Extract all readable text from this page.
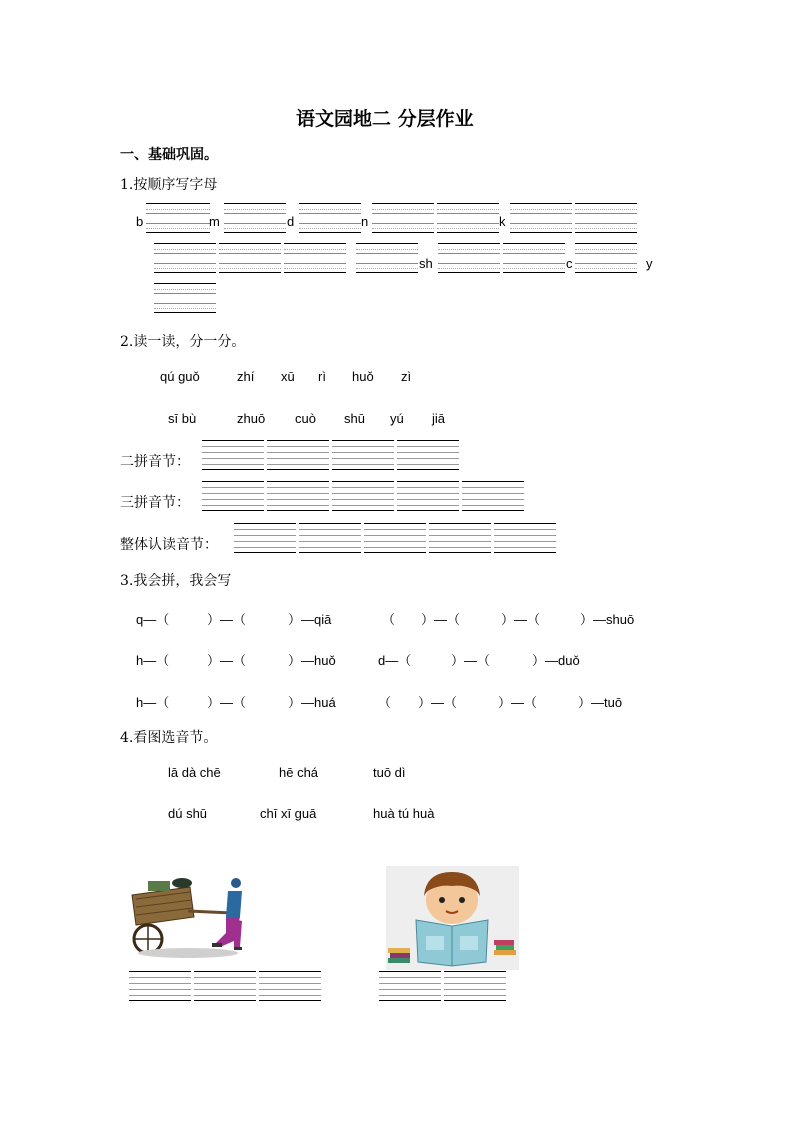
语文园地二 分层作业
一、基础巩固。
1.按顺序写字母
b	m	d	n	k
sh	c	y
2.读一读，分一分。
qú guǒ	zhí xū rì huǒ zì
sī bù	zhuō cuò shū yú jiā
二拼音节：
三拼音节：
整体认读音节：
3.我会拼，我会写
q—（	）—（	）—qiā	（ ）—（	）—（	）—shuō
h—（	）—（	）—huǒ	d—（	）—（	）—duǒ
h—（	）—（	）—huá	（ ）—（	）—（	）—tuō
4.看图选音节。
lā dà chē	hē chá	tuō dì
dú shū	chī xī guā	huà tú huà
